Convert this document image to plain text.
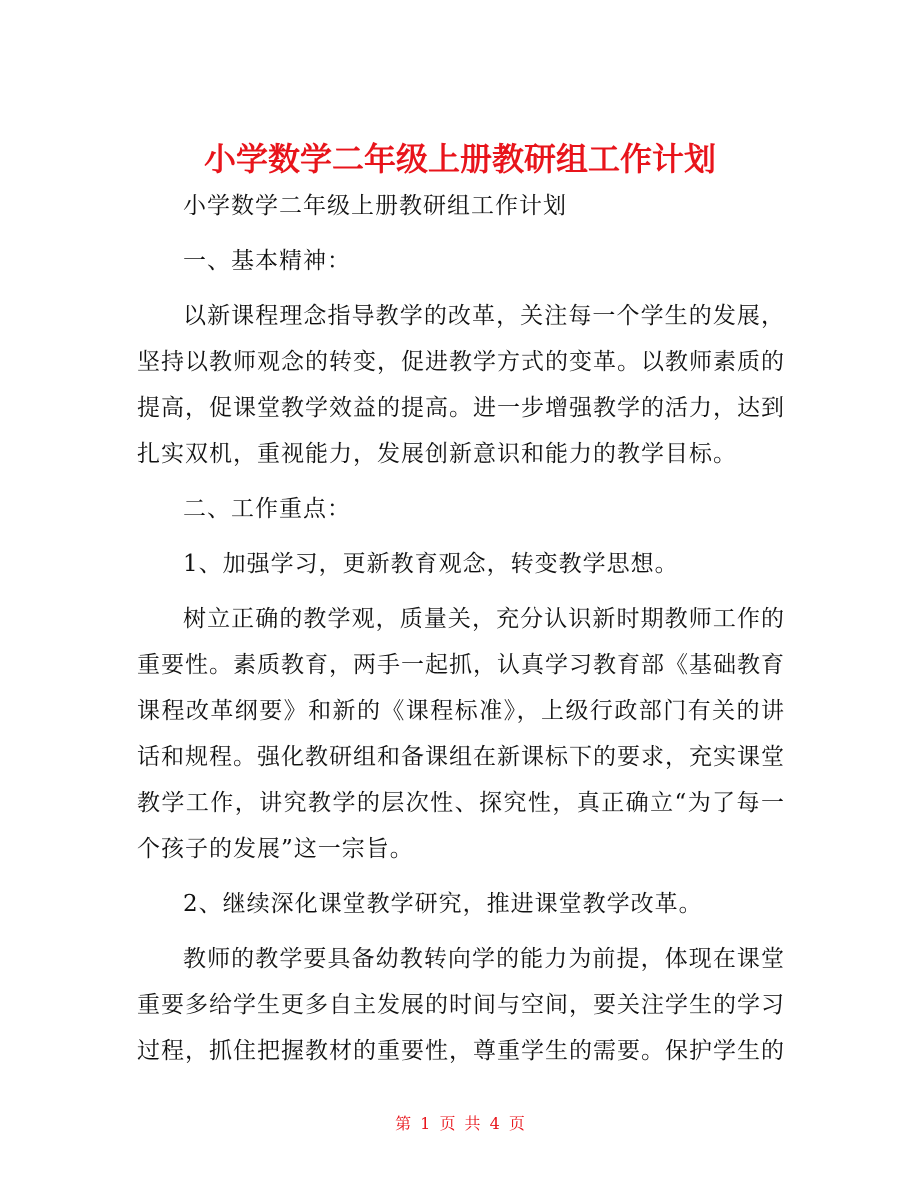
小学数学二年级上册教研组工作计划

小学数学二年级上册教研组工作计划

一、基本精神：

以新课程理念指导教学的改革，关注每一个学生的发展，坚持以教师观念的转变，促进教学方式的变革。以教师素质的提高，促课堂教学效益的提高。进一步增强教学的活力，达到扎实双机，重视能力，发展创新意识和能力的教学目标。

二、工作重点：

1、加强学习，更新教育观念，转变教学思想。

树立正确的教学观，质量关，充分认识新时期教师工作的重要性。素质教育，两手一起抓，认真学习教育部《基础教育课程改革纲要》和新的《课程标准》，上级行政部门有关的讲话和规程。强化教研组和备课组在新课标下的要求，充实课堂教学工作，讲究教学的层次性、探究性，真正确立“为了每一个孩子的发展”这一宗旨。

2、继续深化课堂教学研究，推进课堂教学改革。

教师的教学要具备幼教转向学的能力为前提，体现在课堂重要多给学生更多自主发展的时间与空间，要关注学生的学习过程，抓住把握教材的重要性，尊重学生的需要。保护学生的

第 1 页 共 4 页
